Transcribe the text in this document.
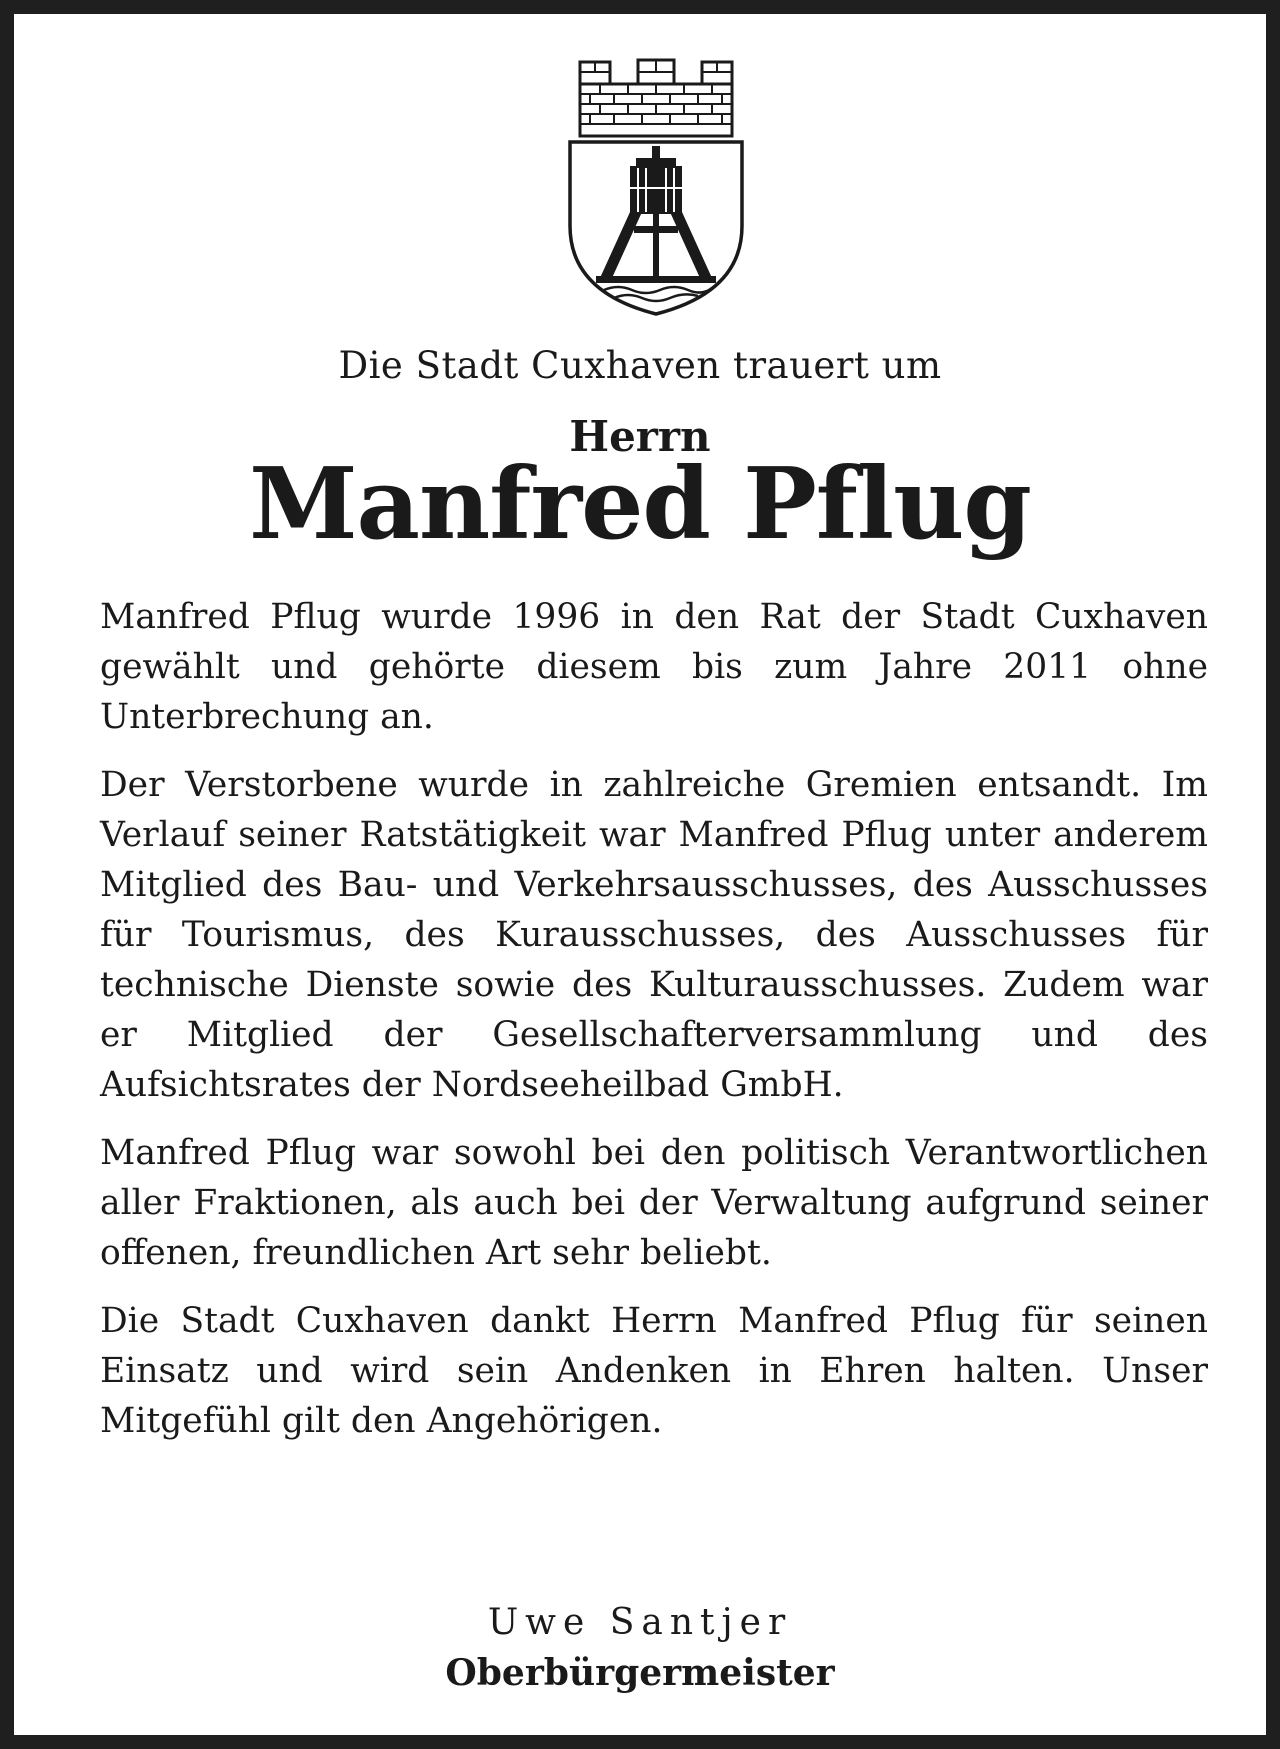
Die Stadt Cuxhaven trauert um
Herrn
Manfred Pflug

Manfred Pflug wurde 1996 in den Rat der Stadt Cuxhaven gewählt und gehörte diesem bis zum Jahre 2011 ohne Unterbrechung an.

Der Verstorbene wurde in zahlreiche Gremien entsandt. Im Verlauf seiner Ratstätigkeit war Manfred Pflug unter anderem Mitglied des Bau- und Verkehrsausschusses, des Ausschusses für Tourismus, des Kurausschusses, des Ausschusses für technische Dienste sowie des Kulturausschusses. Zudem war er Mitglied der Gesellschafterversammlung und des Aufsichtsrates der Nordseeheilbad GmbH.

Manfred Pflug war sowohl bei den politisch Verantwortlichen aller Fraktionen, als auch bei der Verwaltung aufgrund seiner offenen, freundlichen Art sehr beliebt.

Die Stadt Cuxhaven dankt Herrn Manfred Pflug für seinen Einsatz und wird sein Andenken in Ehren halten. Unser Mitgefühl gilt den Angehörigen.

Uwe Santjer
Oberbürgermeister
